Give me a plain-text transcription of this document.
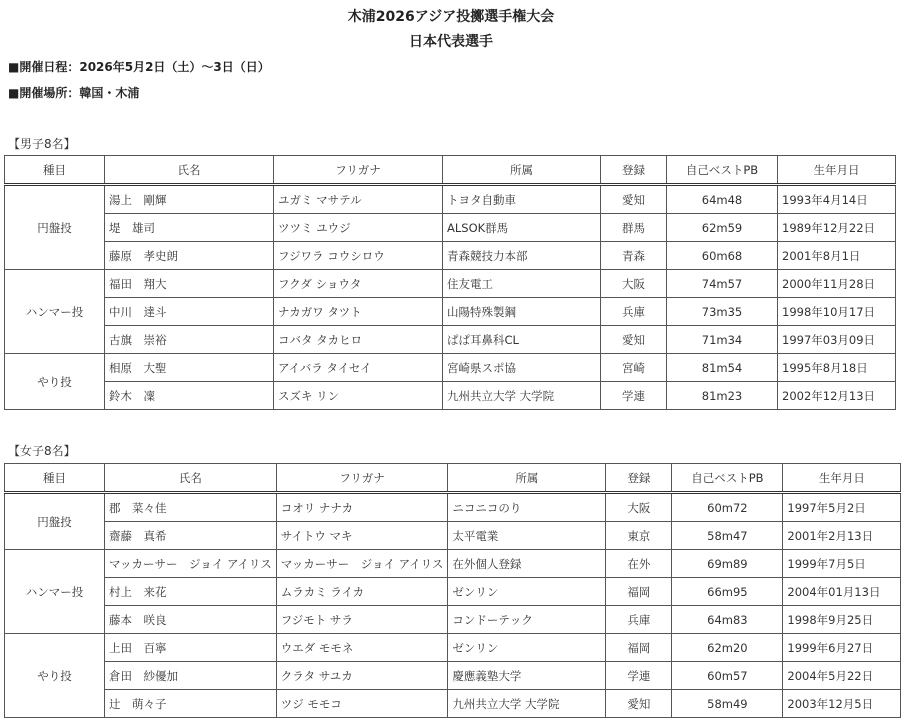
木浦2026アジア投擲選手権大会
日本代表選手
■開催日程：2026年5月2日（土）～3日（日）
■開催場所：韓国・木浦
【男子8名】
種目	氏名	フリガナ	所属	登録	自己ベストPB	生年月日
円盤投	湯上　剛輝	ユガミ マサテル	トヨタ自動車	愛知	64m48	1993年4月14日
	堤　雄司	ツツミ ユウジ	ALSOK群馬	群馬	62m59	1989年12月22日
	藤原　孝史朗	フジワラ コウシロウ	青森競技力本部	青森	60m68	2001年8月1日
ハンマー投	福田　翔大	フクダ ショウタ	住友電工	大阪	74m57	2000年11月28日
	中川　達斗	ナカガワ タツト	山陽特殊製鋼	兵庫	73m35	1998年10月17日
	古旗　崇裕	コバタ タカヒロ	ぱぱ耳鼻科CL	愛知	71m34	1997年03月09日
やり投	相原　大聖	アイバラ タイセイ	宮崎県スポ協	宮崎	81m54	1995年8月18日
	鈴木　凜	スズキ リン	九州共立大学 大学院	学連	81m23	2002年12月13日
【女子8名】
種目	氏名	フリガナ	所属	登録	自己ベストPB	生年月日
円盤投	郡　菜々佳	コオリ ナナカ	ニコニコのり	大阪	60m72	1997年5月2日
	齋藤　真希	サイトウ マキ	太平電業	東京	58m47	2001年2月13日
ハンマー投	マッカーサー　ジョイ アイリス	マッカーサー　ジョイ アイリス	在外個人登録	在外	69m89	1999年7月5日
	村上　来花	ムラカミ ライカ	ゼンリン	福岡	66m95	2004年01月13日
	藤本　咲良	フジモト サラ	コンドーテック	兵庫	64m83	1998年9月25日
やり投	上田　百寧	ウエダ モモネ	ゼンリン	福岡	62m20	1999年6月27日
	倉田　紗優加	クラタ サユカ	慶應義塾大学	学連	60m57	2004年5月22日
	辻　萌々子	ツジ モモコ	九州共立大学 大学院	愛知	58m49	2003年12月5日
